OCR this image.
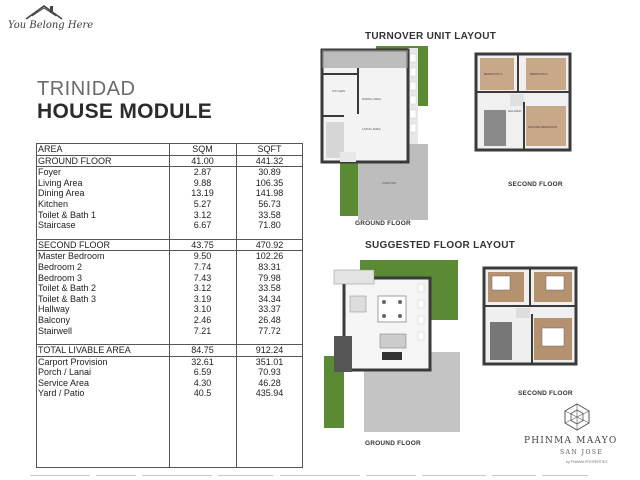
You Belong Here
TRINIDAD
HOUSE MODULE
AREA	SQM	SQFT
GROUND FLOOR	41.00	441.32
Foyer	2.87	30.89
Living Area	9.88	106.35
Dining Area	13.19	141.98
Kitchen	5.27	56.73
Toilet & Bath 1	3.12	33.58
Staircase	6.67	71.80

SECOND FLOOR	43.75	470.92
Master Bedroom	9.50	102.26
Bedroom 2	7.74	83.31
Bedroom 3	7.43	79.98
Toilet & Bath 2	3.12	33.58
Toilet & Bath 3	3.19	34.34
Hallway	3.10	33.37
Balcony	2.46	26.48
Stairwell	7.21	77.72

TOTAL LIVABLE AREA	84.75	912.24
Carport Provision	32.61	351.01
Porch / Lanai	6.59	70.93
Service Area	4.30	46.28
Yard / Patio	40.5	435.94
TURNOVER UNIT LAYOUT
DINING AREA
LIVING AREA
KITCHEN
CARPORT
GROUND FLOOR
BEDROOM 3	BEDROOM 2
MASTER BEDROOM
HALLWAY
SECOND FLOOR
SUGGESTED FLOOR LAYOUT
GROUND FLOOR
SECOND FLOOR
PHINMA MAAYO
SAN JOSE
by PHINMA PROPERTIES
